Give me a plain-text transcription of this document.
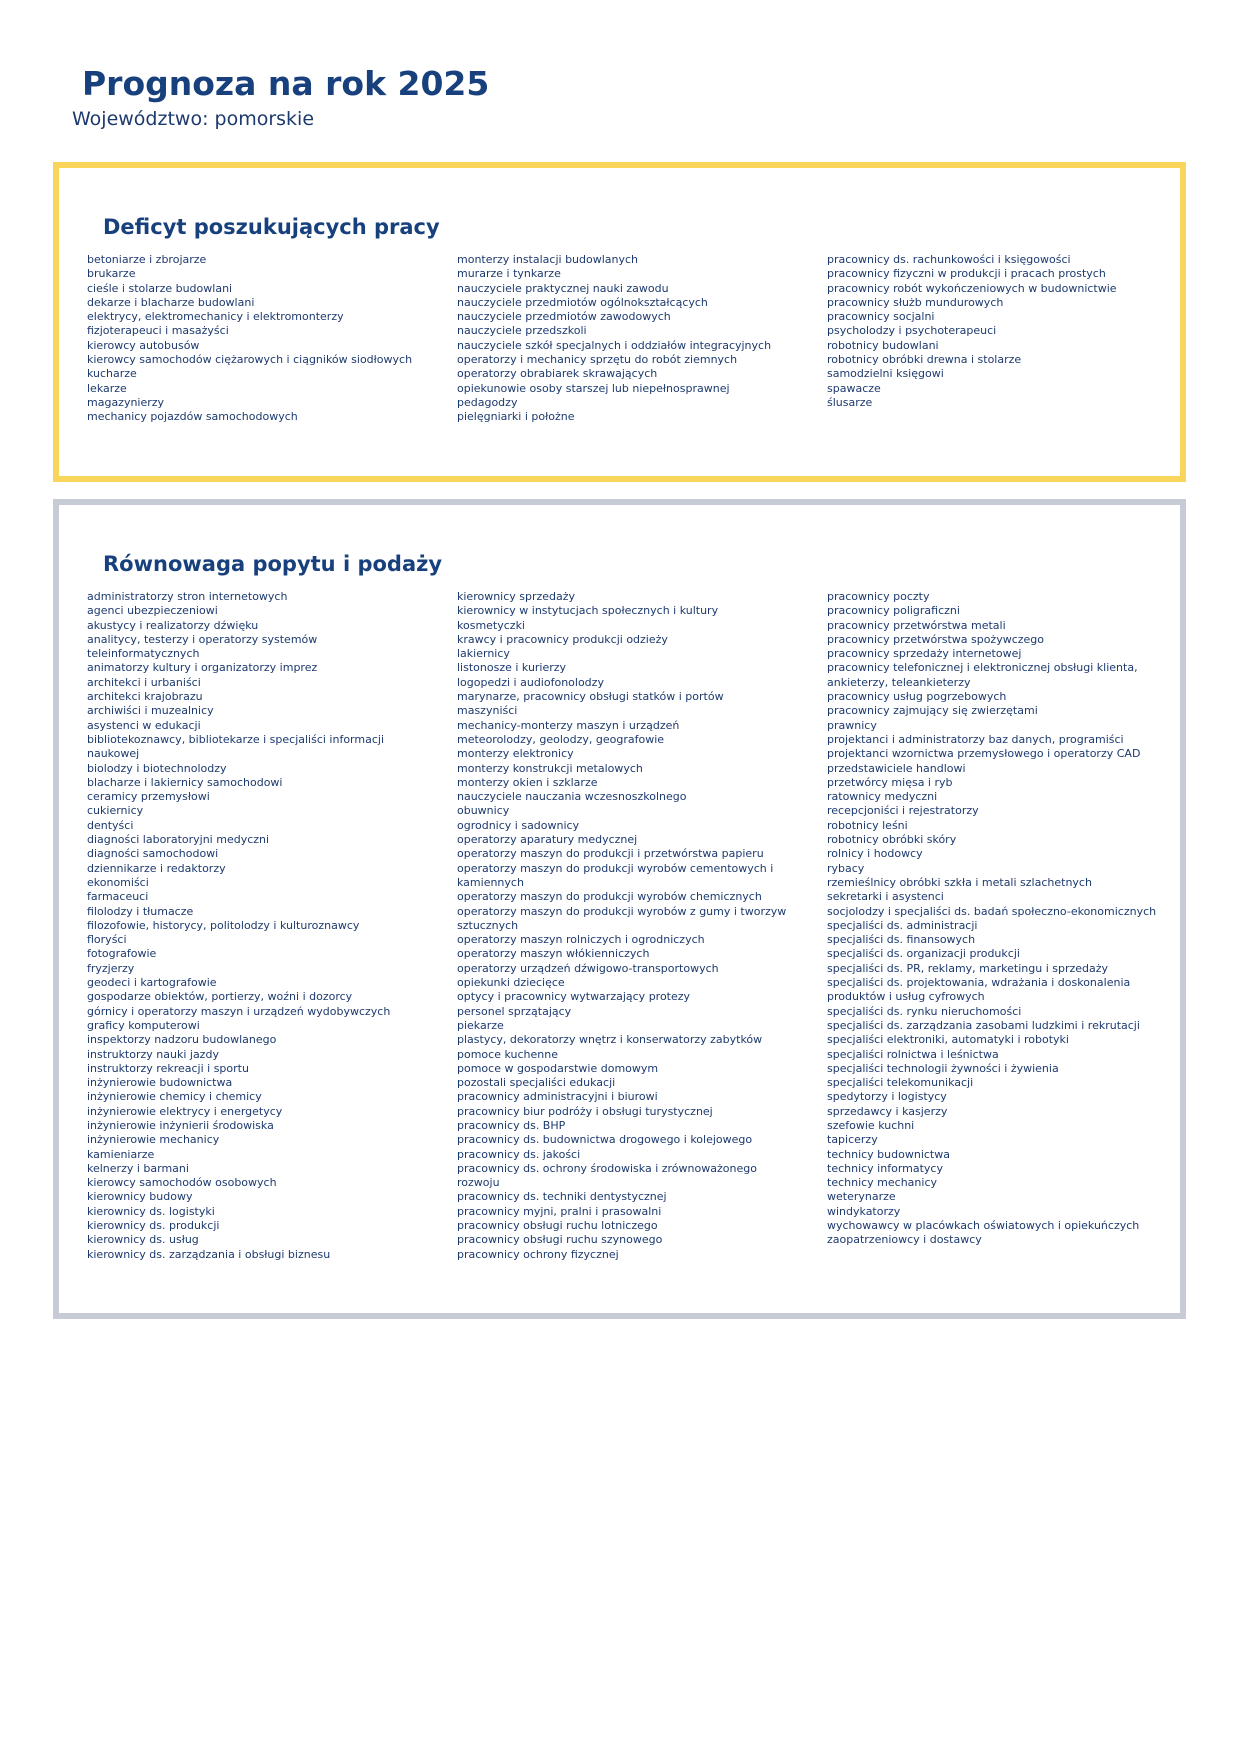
Prognoza na rok 2025
Województwo: pomorskie
Deficyt poszukujących pracy
betoniarze i zbrojarze
brukarze
cieśle i stolarze budowlani
dekarze i blacharze budowlani
elektrycy, elektromechanicy i elektromonterzy
fizjoterapeuci i masażyści
kierowcy autobusów
kierowcy samochodów ciężarowych i ciągników siodłowych
kucharze
lekarze
magazynierzy
mechanicy pojazdów samochodowych
monterzy instalacji budowlanych
murarze i tynkarze
nauczyciele praktycznej nauki zawodu
nauczyciele przedmiotów ogólnokształcących
nauczyciele przedmiotów zawodowych
nauczyciele przedszkoli
nauczyciele szkół specjalnych i oddziałów integracyjnych
operatorzy i mechanicy sprzętu do robót ziemnych
operatorzy obrabiarek skrawających
opiekunowie osoby starszej lub niepełnosprawnej
pedagodzy
pielęgniarki i położne
pracownicy ds. rachunkowości i księgowości
pracownicy fizyczni w produkcji i pracach prostych
pracownicy robót wykończeniowych w budownictwie
pracownicy służb mundurowych
pracownicy socjalni
psycholodzy i psychoterapeuci
robotnicy budowlani
robotnicy obróbki drewna i stolarze
samodzielni księgowi
spawacze
ślusarze
Równowaga popytu i podaży
administratorzy stron internetowych
agenci ubezpieczeniowi
akustycy i realizatorzy dźwięku
analitycy, testerzy i operatorzy systemów
teleinformatycznych
animatorzy kultury i organizatorzy imprez
architekci i urbaniści
architekci krajobrazu
archiwiści i muzealnicy
asystenci w edukacji
bibliotekoznawcy, bibliotekarze i specjaliści informacji
naukowej
biolodzy i biotechnolodzy
blacharze i lakiernicy samochodowi
ceramicy przemysłowi
cukiernicy
dentyści
diagności laboratoryjni medyczni
diagności samochodowi
dziennikarze i redaktorzy
ekonomiści
farmaceuci
filolodzy i tłumacze
filozofowie, historycy, politolodzy i kulturoznawcy
floryści
fotografowie
fryzjerzy
geodeci i kartografowie
gospodarze obiektów, portierzy, woźni i dozorcy
górnicy i operatorzy maszyn i urządzeń wydobywczych
graficy komputerowi
inspektorzy nadzoru budowlanego
instruktorzy nauki jazdy
instruktorzy rekreacji i sportu
inżynierowie budownictwa
inżynierowie chemicy i chemicy
inżynierowie elektrycy i energetycy
inżynierowie inżynierii środowiska
inżynierowie mechanicy
kamieniarze
kelnerzy i barmani
kierowcy samochodów osobowych
kierownicy budowy
kierownicy ds. logistyki
kierownicy ds. produkcji
kierownicy ds. usług
kierownicy ds. zarządzania i obsługi biznesu
kierownicy sprzedaży
kierownicy w instytucjach społecznych i kultury
kosmetyczki
krawcy i pracownicy produkcji odzieży
lakiernicy
listonosze i kurierzy
logopedzi i audiofonolodzy
marynarze, pracownicy obsługi statków i portów
maszyniści
mechanicy-monterzy maszyn i urządzeń
meteorolodzy, geolodzy, geografowie
monterzy elektronicy
monterzy konstrukcji metalowych
monterzy okien i szklarze
nauczyciele nauczania wczesnoszkolnego
obuwnicy
ogrodnicy i sadownicy
operatorzy aparatury medycznej
operatorzy maszyn do produkcji i przetwórstwa papieru
operatorzy maszyn do produkcji wyrobów cementowych i
kamiennych
operatorzy maszyn do produkcji wyrobów chemicznych
operatorzy maszyn do produkcji wyrobów z gumy i tworzyw
sztucznych
operatorzy maszyn rolniczych i ogrodniczych
operatorzy maszyn włókienniczych
operatorzy urządzeń dźwigowo-transportowych
opiekunki dziecięce
optycy i pracownicy wytwarzający protezy
personel sprzątający
piekarze
plastycy, dekoratorzy wnętrz i konserwatorzy zabytków
pomoce kuchenne
pomoce w gospodarstwie domowym
pozostali specjaliści edukacji
pracownicy administracyjni i biurowi
pracownicy biur podróży i obsługi turystycznej
pracownicy ds. BHP
pracownicy ds. budownictwa drogowego i kolejowego
pracownicy ds. jakości
pracownicy ds. ochrony środowiska i zrównoważonego
rozwoju
pracownicy ds. techniki dentystycznej
pracownicy myjni, pralni i prasowalni
pracownicy obsługi ruchu lotniczego
pracownicy obsługi ruchu szynowego
pracownicy ochrony fizycznej
pracownicy poczty
pracownicy poligraficzni
pracownicy przetwórstwa metali
pracownicy przetwórstwa spożywczego
pracownicy sprzedaży internetowej
pracownicy telefonicznej i elektronicznej obsługi klienta,
ankieterzy, teleankieterzy
pracownicy usług pogrzebowych
pracownicy zajmujący się zwierzętami
prawnicy
projektanci i administratorzy baz danych, programiści
projektanci wzornictwa przemysłowego i operatorzy CAD
przedstawiciele handlowi
przetwórcy mięsa i ryb
ratownicy medyczni
recepcjoniści i rejestratorzy
robotnicy leśni
robotnicy obróbki skóry
rolnicy i hodowcy
rybacy
rzemieślnicy obróbki szkła i metali szlachetnych
sekretarki i asystenci
socjolodzy i specjaliści ds. badań społeczno-ekonomicznych
specjaliści ds. administracji
specjaliści ds. finansowych
specjaliści ds. organizacji produkcji
specjaliści ds. PR, reklamy, marketingu i sprzedaży
specjaliści ds. projektowania, wdrażania i doskonalenia
produktów i usług cyfrowych
specjaliści ds. rynku nieruchomości
specjaliści ds. zarządzania zasobami ludzkimi i rekrutacji
specjaliści elektroniki, automatyki i robotyki
specjaliści rolnictwa i leśnictwa
specjaliści technologii żywności i żywienia
specjaliści telekomunikacji
spedytorzy i logistycy
sprzedawcy i kasjerzy
szefowie kuchni
tapicerzy
technicy budownictwa
technicy informatycy
technicy mechanicy
weterynarze
windykatorzy
wychowawcy w placówkach oświatowych i opiekuńczych
zaopatrzeniowcy i dostawcy
